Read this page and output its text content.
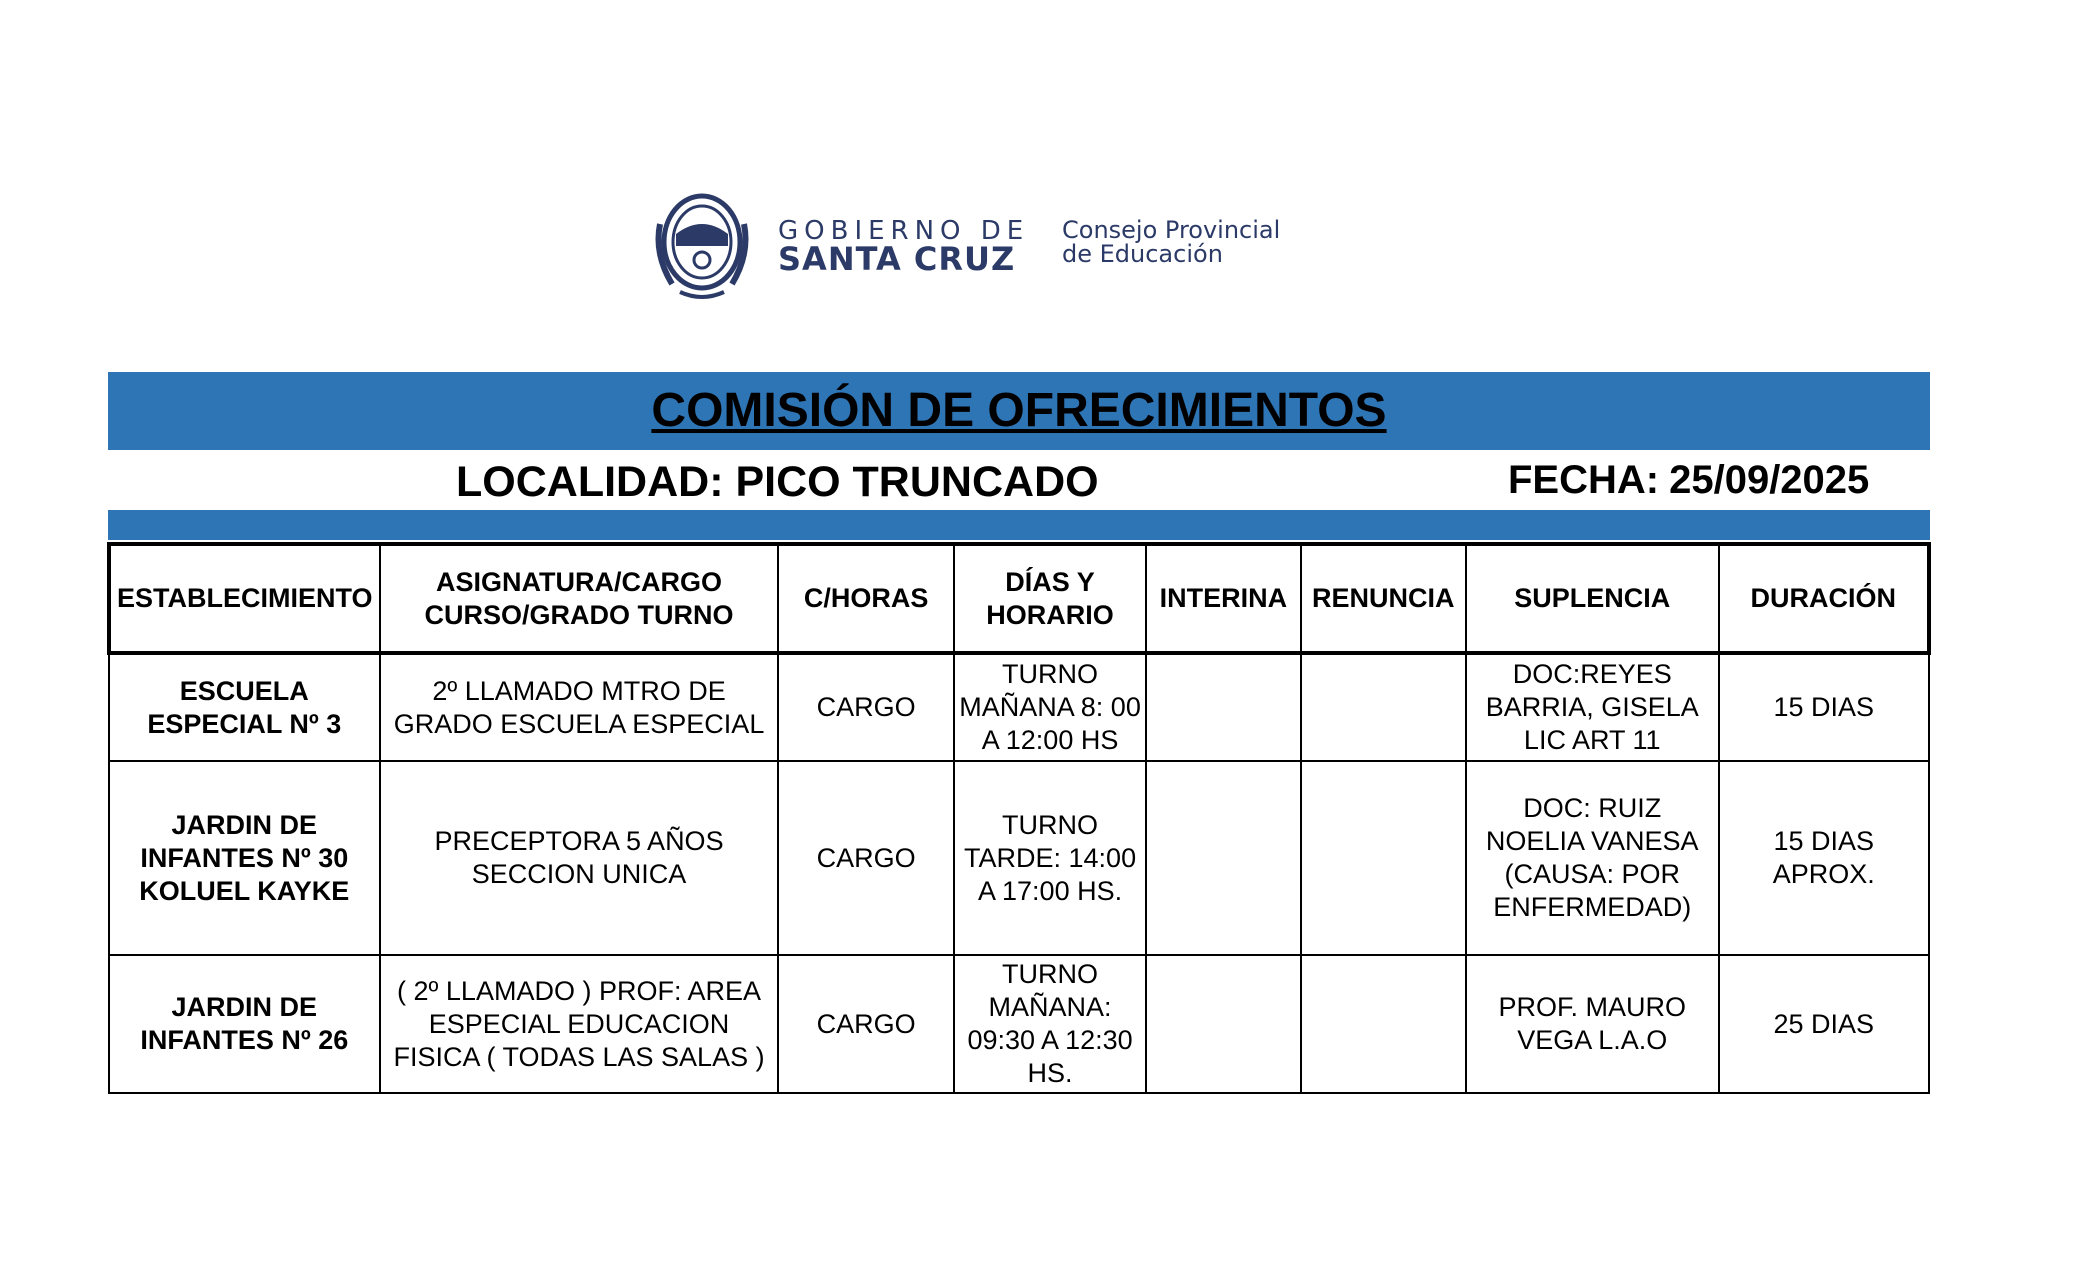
GOBIERNO DE
SANTA CRUZ
Consejo Provincial
de Educación
COMISIÓN DE OFRECIMIENTOS
LOCALIDAD: PICO TRUNCADO	FECHA: 25/09/2025
ESTABLECIMIENTO	ASIGNATURA/CARGO CURSO/GRADO TURNO	C/HORAS	DÍAS Y HORARIO	INTERINA	RENUNCIA	SUPLENCIA	DURACIÓN
ESCUELA ESPECIAL Nº 3	2º LLAMADO MTRO DE GRADO ESCUELA ESPECIAL	CARGO	TURNO MAÑANA 8: 00 A 12:00 HS			DOC:REYES BARRIA, GISELA LIC ART 11	15 DIAS
JARDIN DE INFANTES Nº 30 KOLUEL KAYKE	PRECEPTORA 5 AÑOS SECCION UNICA	CARGO	TURNO TARDE: 14:00 A 17:00 HS.			DOC: RUIZ NOELIA VANESA (CAUSA: POR ENFERMEDAD)	15 DIAS APROX.
JARDIN DE INFANTES Nº 26	( 2º LLAMADO ) PROF: AREA ESPECIAL EDUCACION FISICA ( TODAS LAS SALAS )	CARGO	TURNO MAÑANA: 09:30 A 12:30 HS.			PROF. MAURO VEGA L.A.O	25 DIAS
